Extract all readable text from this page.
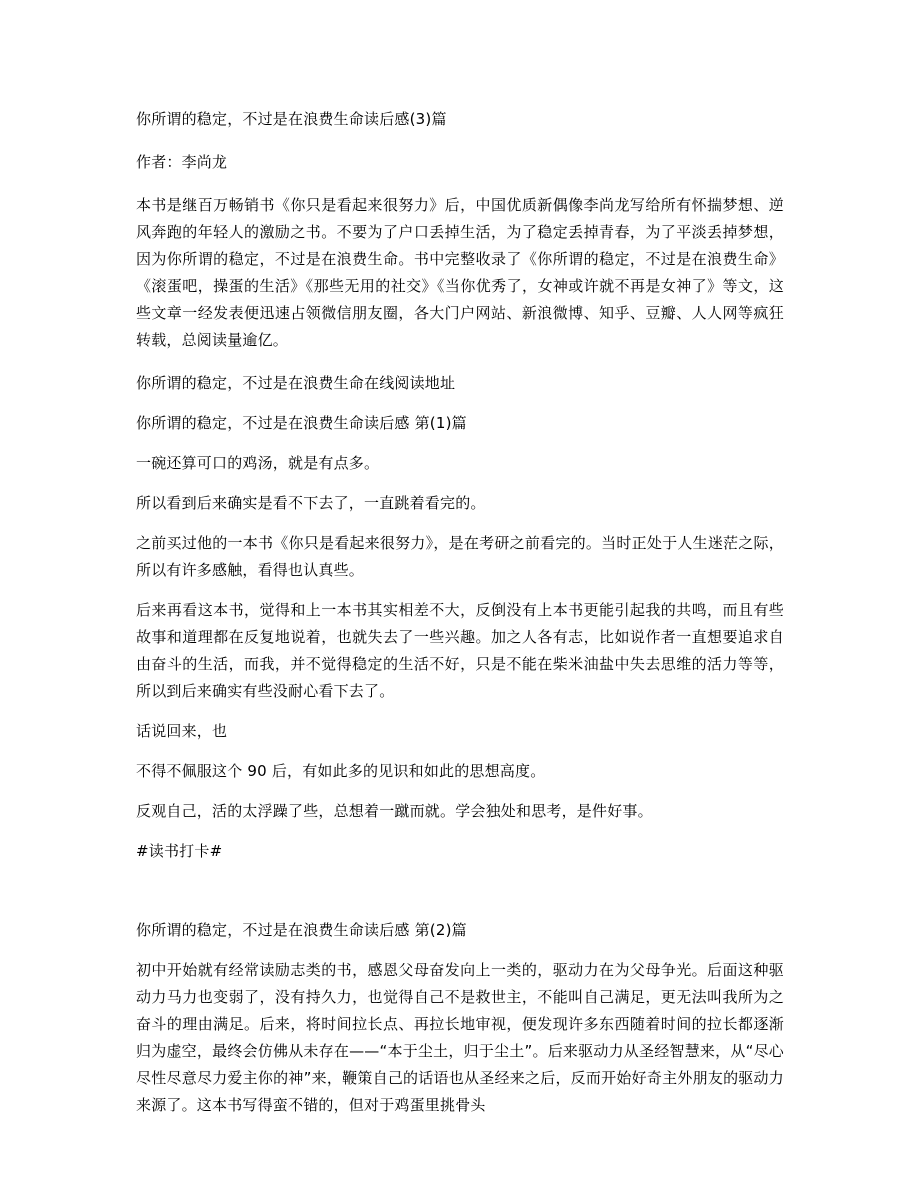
你所谓的稳定，不过是在浪费生命读后感(3)篇

作者：李尚龙

本书是继百万畅销书《你只是看起来很努力》后，中国优质新偶像李尚龙写给所有怀揣梦想、逆风奔跑的年轻人的激励之书。不要为了户口丢掉生活，为了稳定丢掉青春，为了平淡丢掉梦想，因为你所谓的稳定，不过是在浪费生命。书中完整收录了《你所谓的稳定，不过是在浪费生命》《滚蛋吧，操蛋的生活》《那些无用的社交》《当你优秀了，女神或许就不再是女神了》等文，这些文章一经发表便迅速占领微信朋友圈，各大门户网站、新浪微博、知乎、豆瓣、人人网等疯狂转载，总阅读量逾亿。

你所谓的稳定，不过是在浪费生命在线阅读地址

你所谓的稳定，不过是在浪费生命读后感 第(1)篇

一碗还算可口的鸡汤，就是有点多。

所以看到后来确实是看不下去了，一直跳着看完的。

之前买过他的一本书《你只是看起来很努力》，是在考研之前看完的。当时正处于人生迷茫之际，所以有许多感触，看得也认真些。

后来再看这本书，觉得和上一本书其实相差不大，反倒没有上本书更能引起我的共鸣，而且有些故事和道理都在反复地说着，也就失去了一些兴趣。加之人各有志，比如说作者一直想要追求自由奋斗的生活，而我，并不觉得稳定的生活不好，只是不能在柴米油盐中失去思维的活力等等，所以到后来确实有些没耐心看下去了。

话说回来，也

不得不佩服这个 90 后，有如此多的见识和如此的思想高度。

反观自己，活的太浮躁了些，总想着一蹴而就。学会独处和思考，是件好事。

#读书打卡#

你所谓的稳定，不过是在浪费生命读后感 第(2)篇

初中开始就有经常读励志类的书，感恩父母奋发向上一类的，驱动力在为父母争光。后面这种驱动力马力也变弱了，没有持久力，也觉得自己不是救世主，不能叫自己满足，更无法叫我所为之奋斗的理由满足。后来，将时间拉长点、再拉长地审视，便发现许多东西随着时间的拉长都逐渐归为虚空，最终会仿佛从未存在——“本于尘土，归于尘土”。后来驱动力从圣经智慧来，从“尽心尽性尽意尽力爱主你的神”来，鞭策自己的话语也从圣经来之后，反而开始好奇主外朋友的驱动力来源了。这本书写得蛮不错的，但对于鸡蛋里挑骨头
